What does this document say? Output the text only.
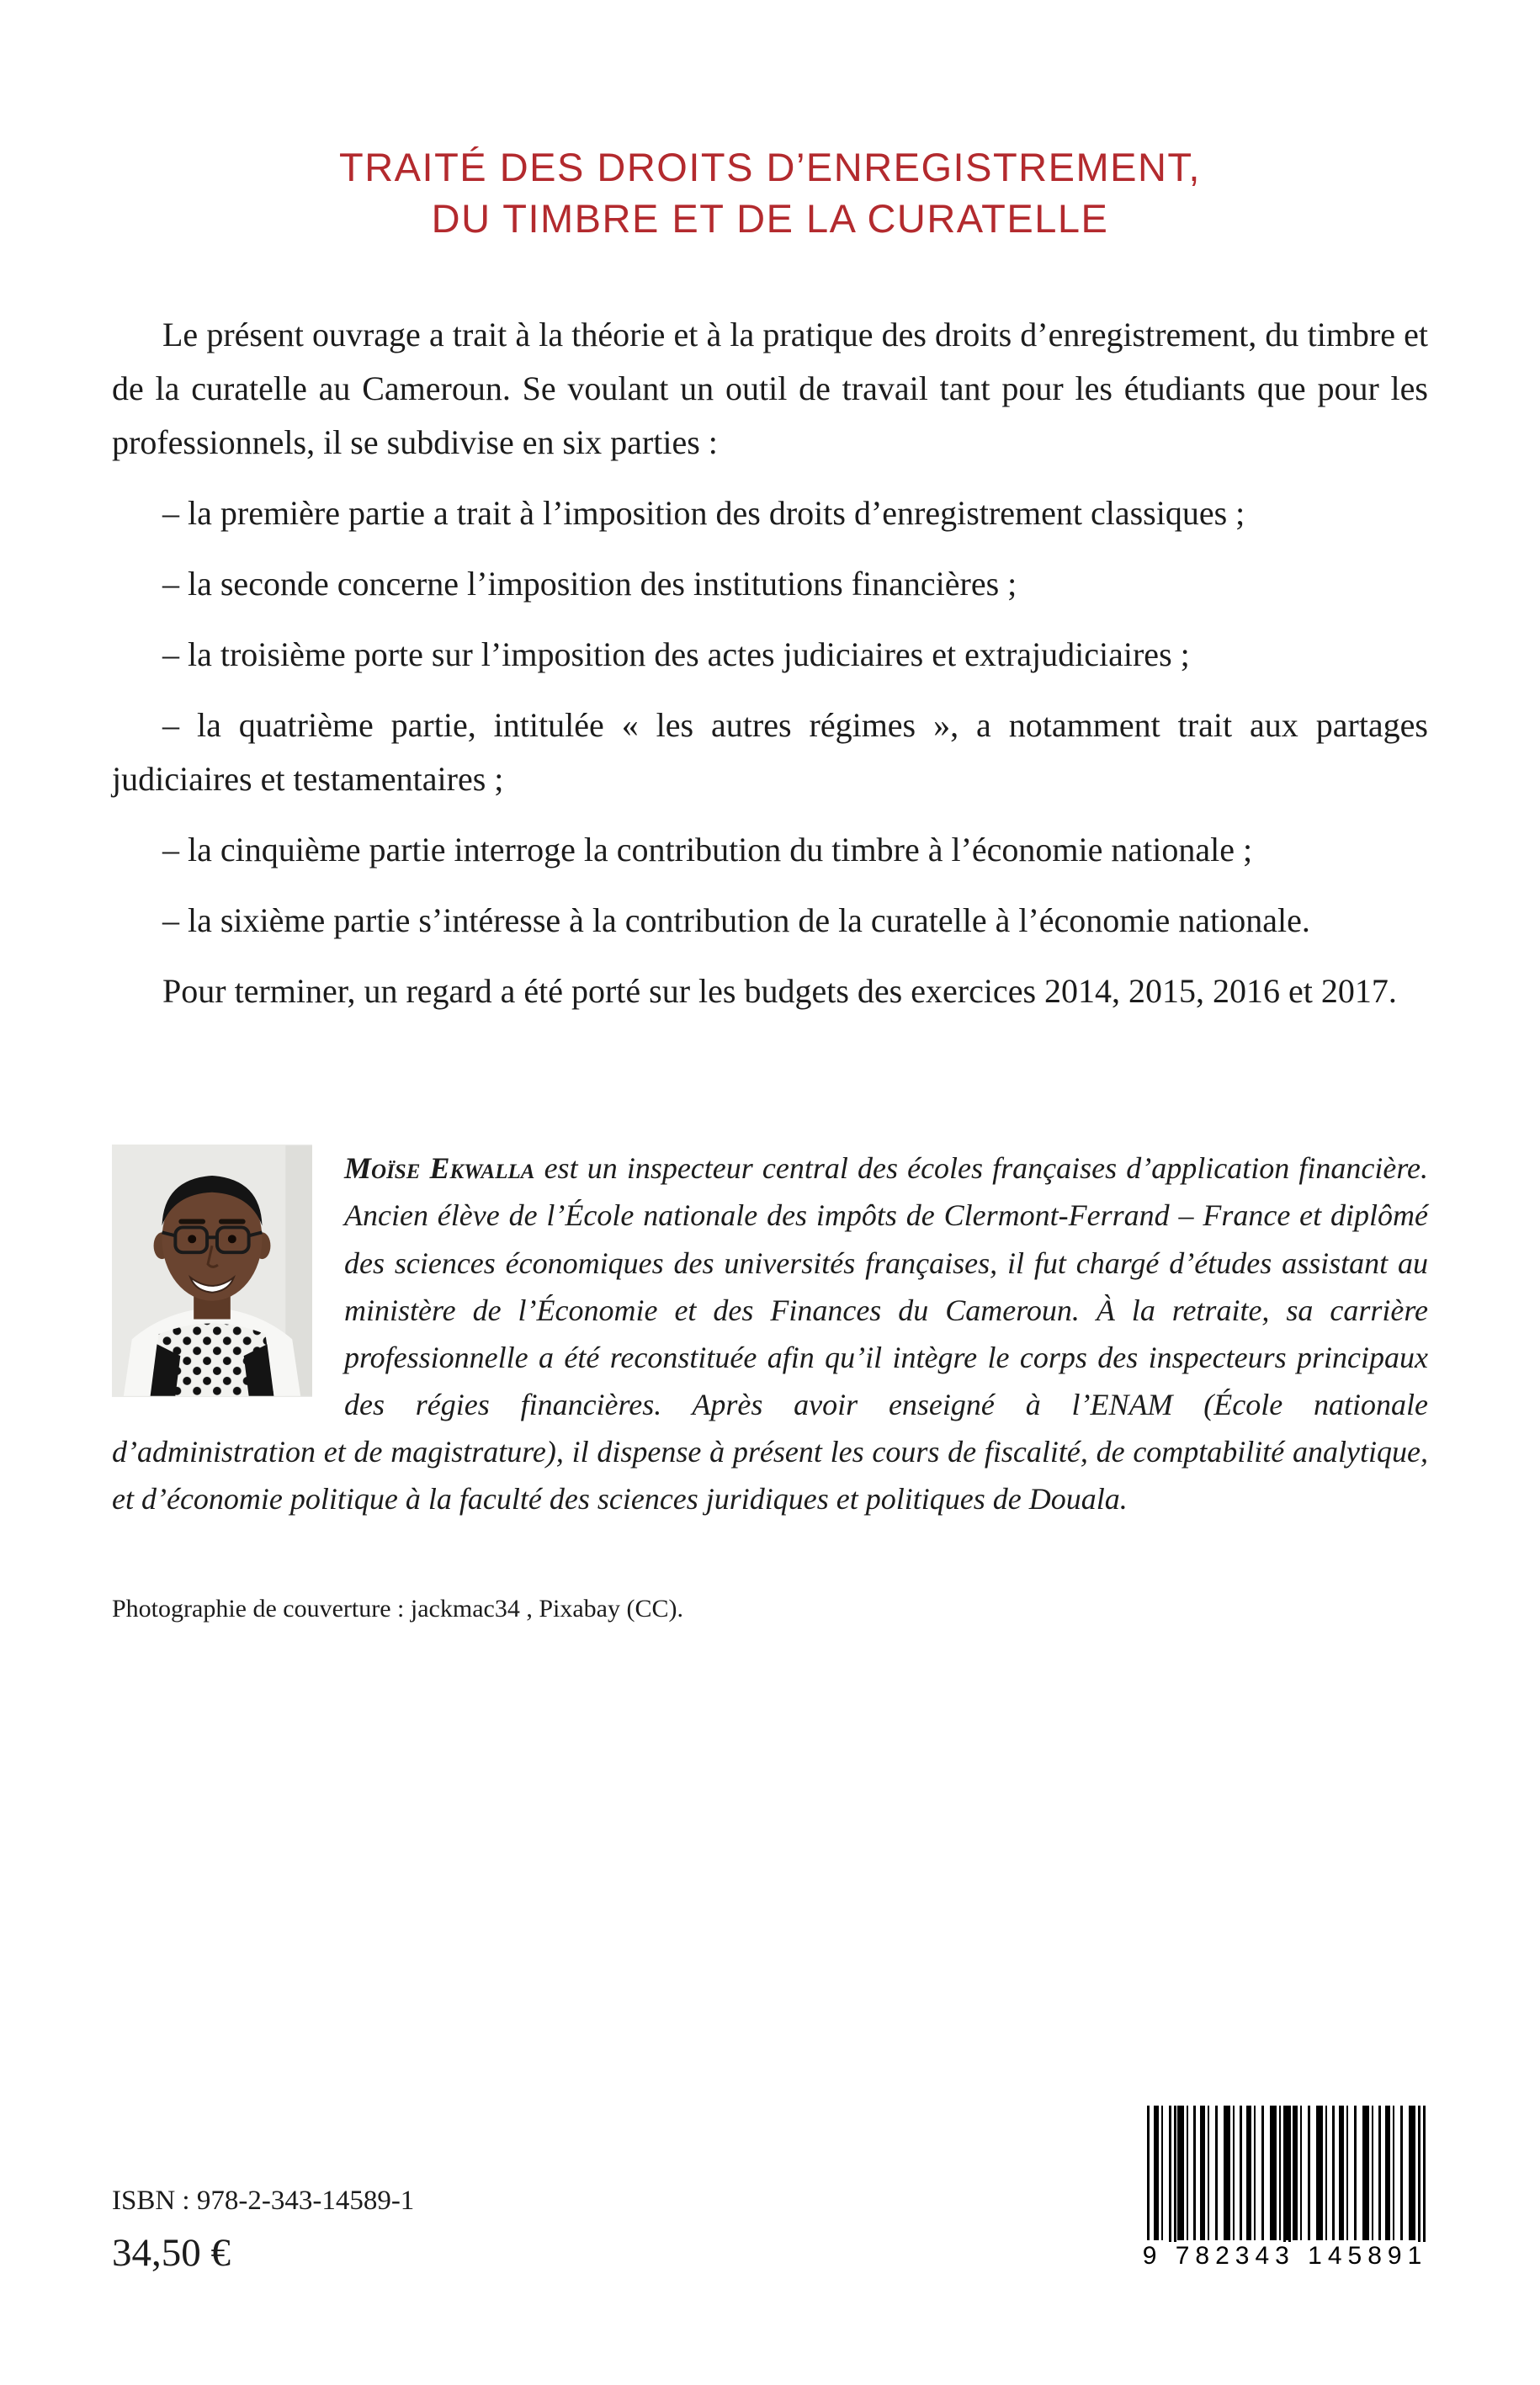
TRAITÉ DES DROITS D’ENREGISTREMENT,
DU TIMBRE ET DE LA CURATELLE

Le présent ouvrage a trait à la théorie et à la pratique des droits d’enregistrement, du timbre et de la curatelle au Cameroun. Se voulant un outil de travail tant pour les étudiants que pour les professionnels, il se subdivise en six parties :

– la première partie a trait à l’imposition des droits d’enregistrement classiques ;

– la seconde concerne l’imposition des institutions financières ;

– la troisième porte sur l’imposition des actes judiciaires et extrajudiciaires ;

– la quatrième partie, intitulée « les autres régimes », a notamment trait aux partages judiciaires et testamentaires ;

– la cinquième partie interroge la contribution du timbre à l’économie nationale ;

– la sixième partie s’intéresse à la contribution de la curatelle à l’économie nationale.

Pour terminer, un regard a été porté sur les budgets des exercices 2014, 2015, 2016 et 2017.

Moïse Ekwalla est un inspecteur central des écoles françaises d’application financière. Ancien élève de l’École nationale des impôts de Clermont-Ferrand – France et diplômé des sciences économiques des universités françaises, il fut chargé d’études assistant au ministère de l’Économie et des Finances du Cameroun. À la retraite, sa carrière professionnelle a été reconstituée afin qu’il intègre le corps des inspecteurs principaux des régies financières. Après avoir enseigné à l’ENAM (École nationale d’administration et de magistrature), il dispense à présent les cours de fiscalité, de comptabilité analytique, et d’économie politique à la faculté des sciences juridiques et politiques de Douala.

Photographie de couverture : jackmac34 , Pixabay (CC).

ISBN : 978-2-343-14589-1
34,50 €	9 782343 145891
